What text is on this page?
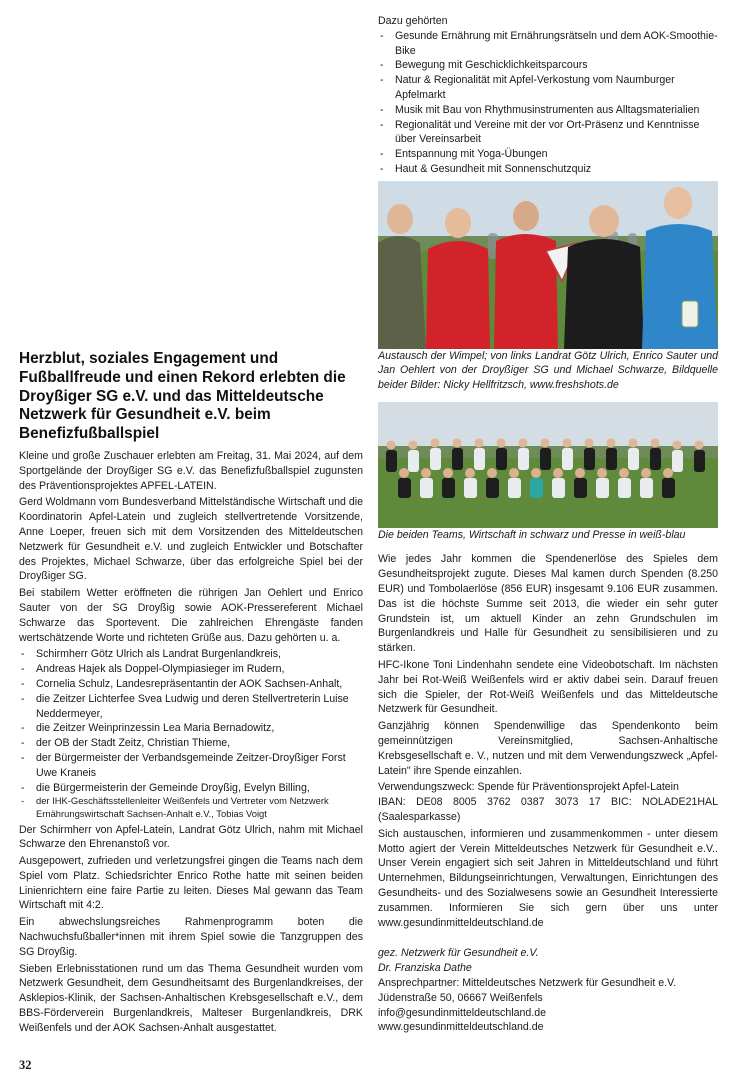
Herzblut, soziales Engagement und Fußballfreude und einen Rekord erlebten die Droyßiger SG e.V. und das Mitteldeutsche Netzwerk für Gesundheit e.V. beim Benefizfußballspiel

Kleine und große Zuschauer erlebten am Freitag, 31. Mai 2024, auf dem Sportgelände der Droyßiger SG e.V. das Benefizfußballspiel zugunsten des Präventionsprojektes APFEL-LATEIN.

Gerd Woldmann vom Bundesverband Mittelständische Wirtschaft und die Koordinatorin Apfel-Latein und zugleich stellvertretende Vorsitzende, Anne Loeper, freuen sich mit dem Vorsitzenden des Mitteldeutschen Netzwerk für Gesundheit e.V. und zugleich Entwickler und Botschafter des Projektes, Michael Schwarze, über das erfolgreiche Spiel bei der Droyßiger SG.

Bei stabilem Wetter eröffneten die rührigen Jan Oehlert und Enrico Sauter von der SG Droyßig sowie AOK-Pressereferent Michael Schwarze das Sportevent. Die zahlreichen Ehrengäste fanden wertschätzende Worte und richteten Grüße aus. Dazu gehörten u. a.

- Schirmherr Götz Ulrich als Landrat Burgenlandkreis,
- Andreas Hajek als Doppel-Olympiasieger im Rudern,
- Cornelia Schulz, Landesrepräsentantin der AOK Sachsen-Anhalt,
- die Zeitzer Lichterfee Svea Ludwig und deren Stellvertreterin Luise Neddermeyer,
- die Zeitzer Weinprinzessin Lea Maria Bernadowitz,
- der OB der Stadt Zeitz, Christian Thieme,
- der Bürgermeister der Verbandsgemeinde Zeitzer-Droyßiger Forst Uwe Kraneis
- die Bürgermeisterin der Gemeinde Droyßig, Evelyn Billing,
- der IHK-Geschäftsstellenleiter Weißenfels und Vertreter vom Netzwerk Ernährungswirtschaft Sachsen-Anhalt e.V., Tobias Voigt

Der Schirmherr von Apfel-Latein, Landrat Götz Ulrich, nahm mit Michael Schwarze den Ehrenanstoß vor.

Ausgepowert, zufrieden und verletzungsfrei gingen die Teams nach dem Spiel vom Platz. Schiedsrichter Enrico Rothe hatte mit seinen beiden Linienrichtern eine faire Partie zu leiten. Dieses Mal gewann das Team Wirtschaft mit 4:2.

Ein abwechslungsreiches Rahmenprogramm boten die Nachwuchsfußballer*innen mit ihrem Spiel sowie die Tanzgruppen des SG Droyßig.

Sieben Erlebnisstationen rund um das Thema Gesundheit wurden vom Netzwerk Gesundheit, dem Gesundheitsamt des Burgenlandkreises, der Asklepios-Klinik, der Sachsen-Anhaltischen Krebsgesellschaft e.V., dem BBS-Förderverein Burgenlandkreis, Malteser Burgenlandkreis, DRK Weißenfels und der AOK Sachsen-Anhalt ausgestattet.

Dazu gehörten
- Gesunde Ernährung mit Ernährungsrätseln und dem AOK-Smoothie-Bike
- Bewegung mit Geschicklichkeitsparcours
- Natur & Regionalität mit Apfel-Verkostung vom Naumburger Apfelmarkt
- Musik mit Bau von Rhythmusinstrumenten aus Alltagsmaterialien
- Regionalität und Vereine mit der vor Ort-Präsenz und Kenntnisse über Vereinsarbeit
- Entspannung mit Yoga-Übungen
- Haut & Gesundheit mit Sonnenschutzquiz

Austausch der Wimpel; von links Landrat Götz Ulrich, Enrico Sauter und Jan Oehlert von der Droyßiger SG und Michael Schwarze, Bildquelle beider Bilder: Nicky Hellfritzsch, www.freshshots.de

Die beiden Teams, Wirtschaft in schwarz und Presse in weiß-blau

Wie jedes Jahr kommen die Spendenerlöse des Spieles dem Gesundheitsprojekt zugute. Dieses Mal kamen durch Spenden (8.250 EUR) und Tombolaerlöse (856 EUR) insgesamt 9.106 EUR zusammen. Das ist die höchste Summe seit 2013, die wieder ein sehr guter Grundstein ist, um aktuell Kinder an zehn Grundschulen im Burgenlandkreis und Halle für Gesundheit zu sensibilisieren und zu stärken.

HFC-Ikone Toni Lindenhahn sendete eine Videobotschaft. Im nächsten Jahr bei Rot-Weiß Weißenfels wird er aktiv dabei sein. Darauf freuen sich die Spieler, der Rot-Weiß Weißenfels und das Mitteldeutsche Netzwerk für Gesundheit.

Ganzjährig können Spendenwillige das Spendenkonto beim gemeinnützigen Vereinsmitglied, Sachsen-Anhaltische Krebsgesellschaft e. V., nutzen und mit dem Verwendungszweck „Apfel-Latein" ihre Spende einzahlen.

Verwendungszweck: Spende für Präventionsprojekt Apfel-Latein

IBAN: DE08 8005 3762 0387 3073 17 BIC: NOLADE21HAL (Saalesparkasse)

Sich austauschen, informieren und zusammenkommen - unter diesem Motto agiert der Verein Mitteldeutsches Netzwerk für Gesundheit e.V.. Unser Verein engagiert sich seit Jahren in Mitteldeutschland und führt Unternehmen, Bildungseinrichtungen, Verwaltungen, Einrichtungen des Gesundheits- und des Sozialwesens sowie an Gesundheit Interessierte zusammen. Informieren Sie sich gern über uns unter www.gesundinmitteldeutschland.de

gez. Netzwerk für Gesundheit e.V.
Dr. Franziska Dathe
Ansprechpartner: Mitteldeutsches Netzwerk für Gesundheit e.V.
Jüdenstraße 50, 06667 Weißenfels
info@gesundinmitteldeutschland.de
www.gesundinmitteldeutschland.de
32
